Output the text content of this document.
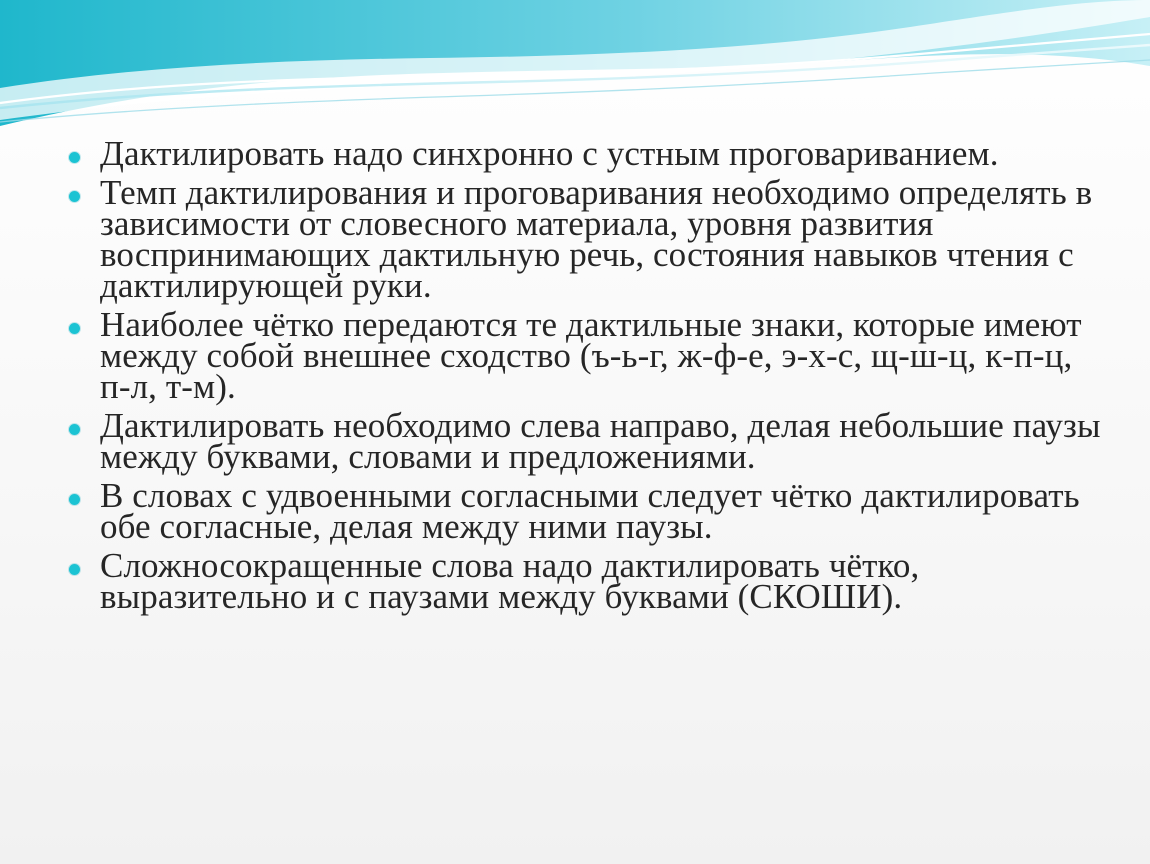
Дактилировать надо синхронно с устным проговариванием.
Темп дактилирования и проговаривания необходимо определять в зависимости от словесного материала, уровня развития воспринимающих дактильную речь, состояния навыков чтения с дактилирующей руки.
Наиболее чётко передаются те дактильные знаки, которые имеют между собой внешнее сходство (ъ-ь-г, ж-ф-е, э-х-с, щ-ш-ц, к-п-ц, п-л, т-м).
Дактилировать необходимо слева направо, делая небольшие паузы между буквами, словами и предложениями.
В словах с удвоенными согласными следует чётко дактилировать обе согласные, делая между ними паузы.
Сложносокращенные слова надо дактилировать чётко, выразительно и с паузами между буквами (СКОШИ).
